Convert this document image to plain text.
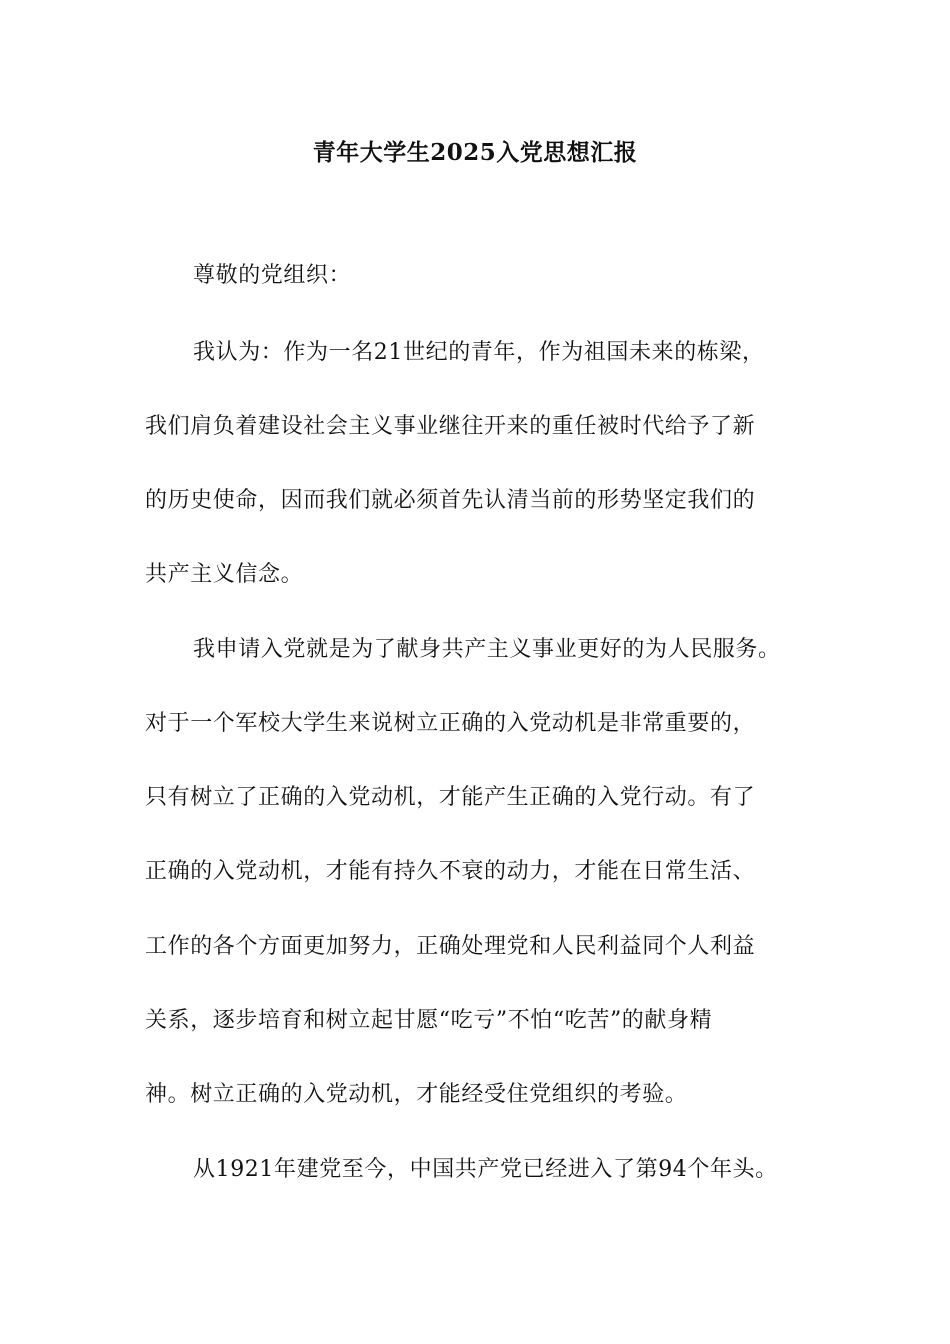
青年大学生2025入党思想汇报
尊敬的党组织：
我认为：作为一名21世纪的青年，作为祖国未来的栋梁，
我们肩负着建设社会主义事业继往开来的重任被时代给予了新
的历史使命，因而我们就必须首先认清当前的形势坚定我们的
共产主义信念。
我申请入党就是为了献身共产主义事业更好的为人民服务。
对于一个军校大学生来说树立正确的入党动机是非常重要的，
只有树立了正确的入党动机，才能产生正确的入党行动。有了
正确的入党动机，才能有持久不衰的动力，才能在日常生活、
工作的各个方面更加努力，正确处理党和人民利益同个人利益
关系，逐步培育和树立起甘愿“吃亏”不怕“吃苦”的献身精
神。树立正确的入党动机，才能经受住党组织的考验。
从1921年建党至今，中国共产党已经进入了第94个年头。
